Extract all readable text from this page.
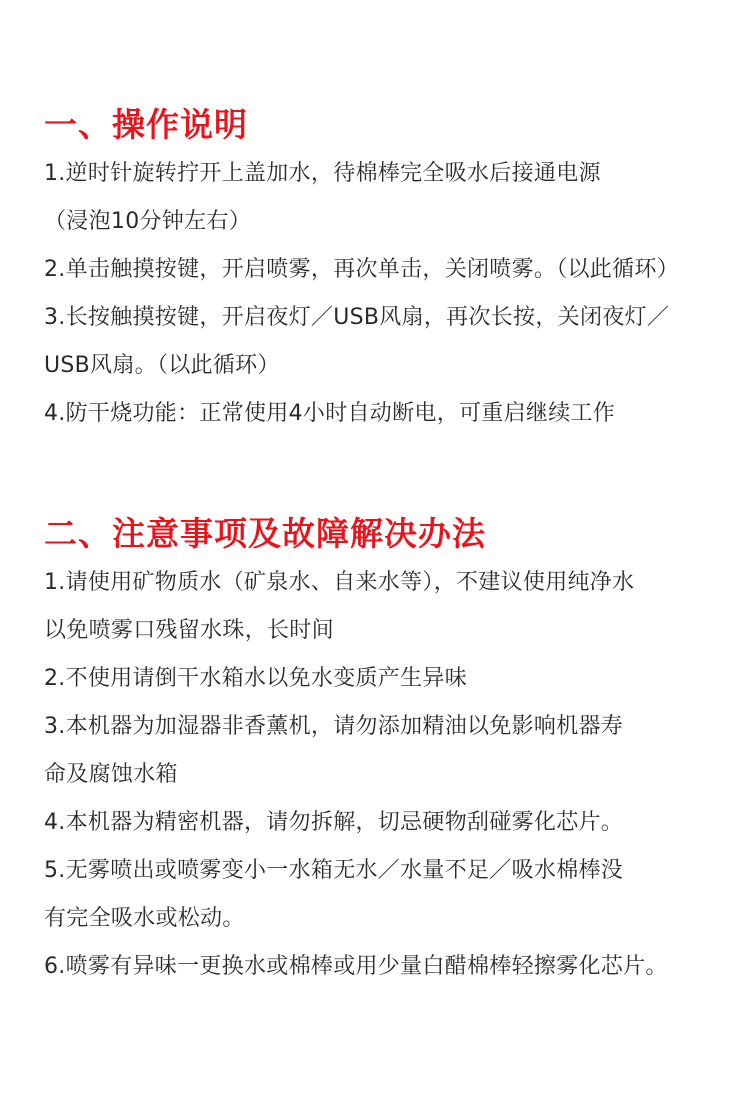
一、操作说明
1.逆时针旋转拧开上盖加水，待棉棒完全吸水后接通电源
（浸泡10分钟左右）
2.单击触摸按键，开启喷雾，再次单击，关闭喷雾。（以此循环）
3.长按触摸按键，开启夜灯／USB风扇，再次长按，关闭夜灯／
USB风扇。（以此循环）
4.防干烧功能：正常使用4小时自动断电，可重启继续工作
二、注意事项及故障解决办法
1.请使用矿物质水（矿泉水、自来水等），不建议使用纯净水
以免喷雾口残留水珠，长时间
2.不使用请倒干水箱水以免水变质产生异味
3.本机器为加湿器非香薰机，请勿添加精油以免影响机器寿
命及腐蚀水箱
4.本机器为精密机器，请勿拆解，切忌硬物刮碰雾化芯片。
5.无雾喷出或喷雾变小一水箱无水／水量不足／吸水棉棒没
有完全吸水或松动。
6.喷雾有异味一更换水或棉棒或用少量白醋棉棒轻擦雾化芯片。
